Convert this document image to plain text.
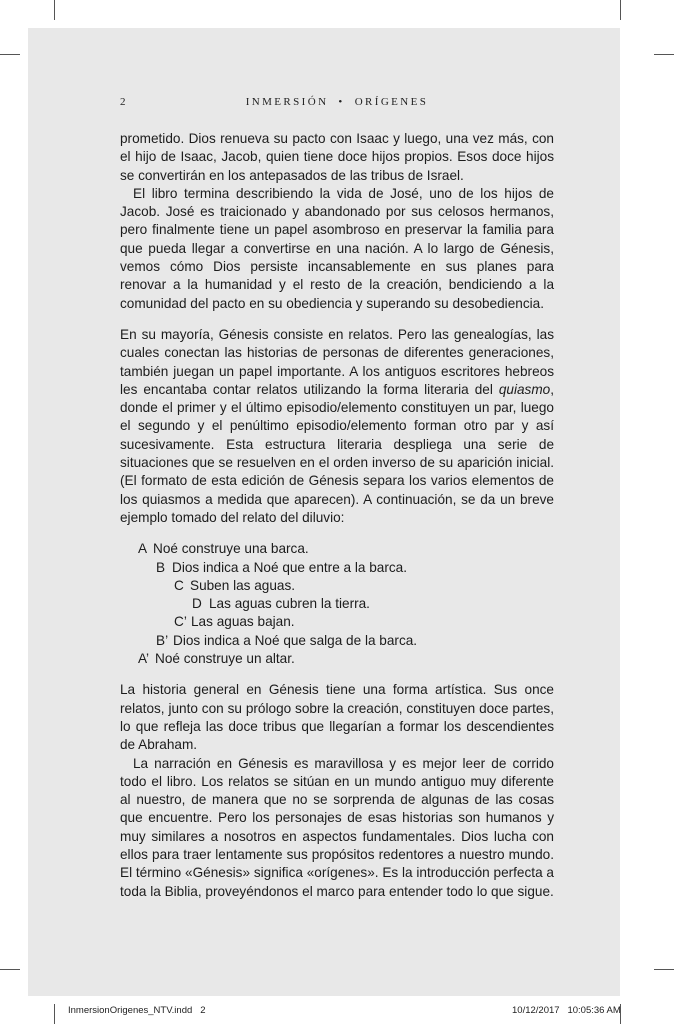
2	INMERSIÓN • ORÍGENES

prometido. Dios renueva su pacto con Isaac y luego, una vez más, con el hijo de Isaac, Jacob, quien tiene doce hijos propios. Esos doce hijos se convertirán en los antepasados de las tribus de Israel.

El libro termina describiendo la vida de José, uno de los hijos de Jacob. José es traicionado y abandonado por sus celosos hermanos, pero finalmente tiene un papel asombroso en preservar la familia para que pueda llegar a convertirse en una nación. A lo largo de Génesis, vemos cómo Dios persiste incansablemente en sus planes para renovar a la humanidad y el resto de la creación, bendiciendo a la comunidad del pacto en su obediencia y superando su desobediencia.

En su mayoría, Génesis consiste en relatos. Pero las genealogías, las cuales conectan las historias de personas de diferentes generaciones, también juegan un papel importante. A los antiguos escritores hebreos les encantaba contar relatos utilizando la forma literaria del quiasmo, donde el primer y el último episodio/elemento constituyen un par, luego el segundo y el penúltimo episodio/elemento forman otro par y así sucesivamente. Esta estructura literaria despliega una serie de situaciones que se resuelven en el orden inverso de su aparición inicial. (El formato de esta edición de Génesis separa los varios elementos de los quiasmos a medida que aparecen). A continuación, se da un breve ejemplo tomado del relato del diluvio:

A Noé construye una barca.
B Dios indica a Noé que entre a la barca.
C Suben las aguas.
D Las aguas cubren la tierra.
C’ Las aguas bajan.
B’ Dios indica a Noé que salga de la barca.
A’ Noé construye un altar.

La historia general en Génesis tiene una forma artística. Sus once relatos, junto con su prólogo sobre la creación, constituyen doce partes, lo que refleja las doce tribus que llegarían a formar los descendientes de Abraham.

La narración en Génesis es maravillosa y es mejor leer de corrido todo el libro. Los relatos se sitúan en un mundo antiguo muy diferente al nuestro, de manera que no se sorprenda de algunas de las cosas que encuentre. Pero los personajes de esas historias son humanos y muy similares a nosotros en aspectos fundamentales. Dios lucha con ellos para traer lentamente sus propósitos redentores a nuestro mundo. El término «Génesis» significa «orígenes». Es la introducción perfecta a toda la Biblia, proveyéndonos el marco para entender todo lo que sigue.

InmersionOrigenes_NTV.indd   2	10/12/2017   10:05:36 AM
